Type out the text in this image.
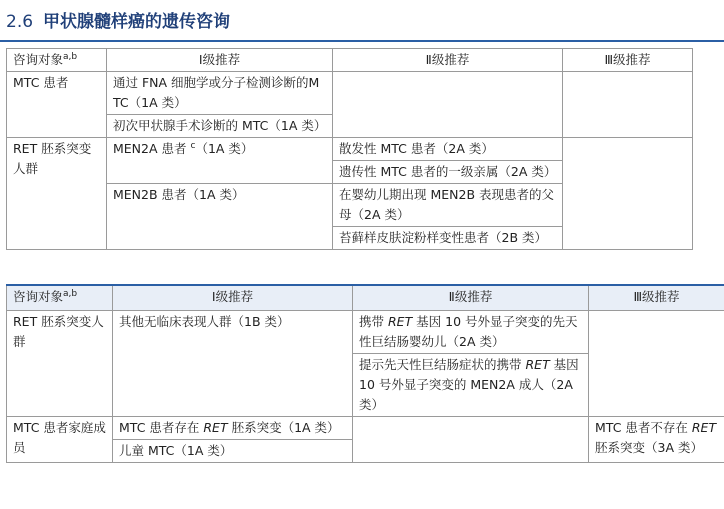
2.6 甲状腺髓样癌的遗传咨询
咨询对象$^{a,b}$	Ⅰ级推荐	Ⅱ级推荐	Ⅲ级推荐
MTC 患者	通过 FNA 细胞学或分子检测诊断的MTC（1A 类）		
	初次甲状腺手术诊断的 MTC（1A 类）		
RET 胚系突变人群	MEN2A 患者 $^c$（1A 类）	散发性 MTC 患者（2A 类）	
		遗传性 MTC 患者的一级亲属（2A 类）	
	MEN2B 患者（1A 类）	在婴幼儿期出现 MEN2B 表现患者的父母（2A 类）	
		苔藓样皮肤淀粉样变性患者（2B 类）	
咨询对象$^{a,b}$	Ⅰ级推荐	Ⅱ级推荐	Ⅲ级推荐
RET 胚系突变人群	其他无临床表现人群（1B 类）	携带 RET 基因 10 号外显子突变的先天性巨结肠婴幼儿（2A 类）	
		提示先天性巨结肠症状的携带 RET 基因 10 号外显子突变的 MEN2A 成人（2A 类）	
MTC 患者家庭成员	MTC 患者存在 RET 胚系突变（1A 类）		MTC 患者不存在 RET 胚系突变（3A 类）
	儿童 MTC（1A 类）		
